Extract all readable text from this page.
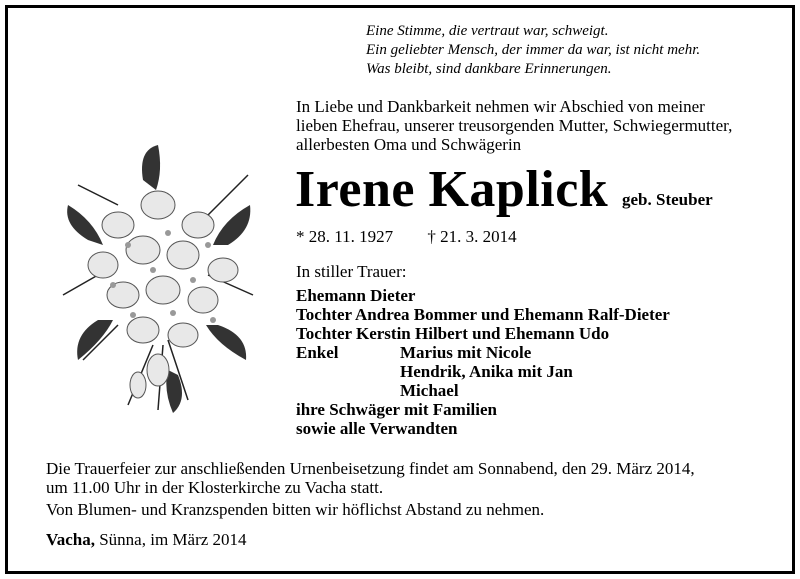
Eine Stimme, die vertraut war, schweigt.
Ein geliebter Mensch, der immer da war, ist nicht mehr.
Was bleibt, sind dankbare Erinnerungen.
In Liebe und Dankbarkeit nehmen wir Abschied von meiner
lieben Ehefrau, unserer treusorgenden Mutter, Schwiegermutter,
allerbesten Oma und Schwägerin
Irene Kaplick geb. Steuber
* 28. 11. 1927 † 21. 3. 2014
In stiller Trauer:
Ehemann Dieter
Tochter Andrea Bommer und Ehemann Ralf-Dieter
Tochter Kerstin Hilbert und Ehemann Udo
Enkel	Marius mit Nicole
Hendrik, Anika mit Jan
Michael
ihre Schwäger mit Familien
sowie alle Verwandten
Die Trauerfeier zur anschließenden Urnenbeisetzung findet am Sonnabend, den 29. März 2014,
um 11.00 Uhr in der Klosterkirche zu Vacha statt.
Von Blumen- und Kranzspenden bitten wir höflichst Abstand zu nehmen.
Vacha, Sünna, im März 2014
